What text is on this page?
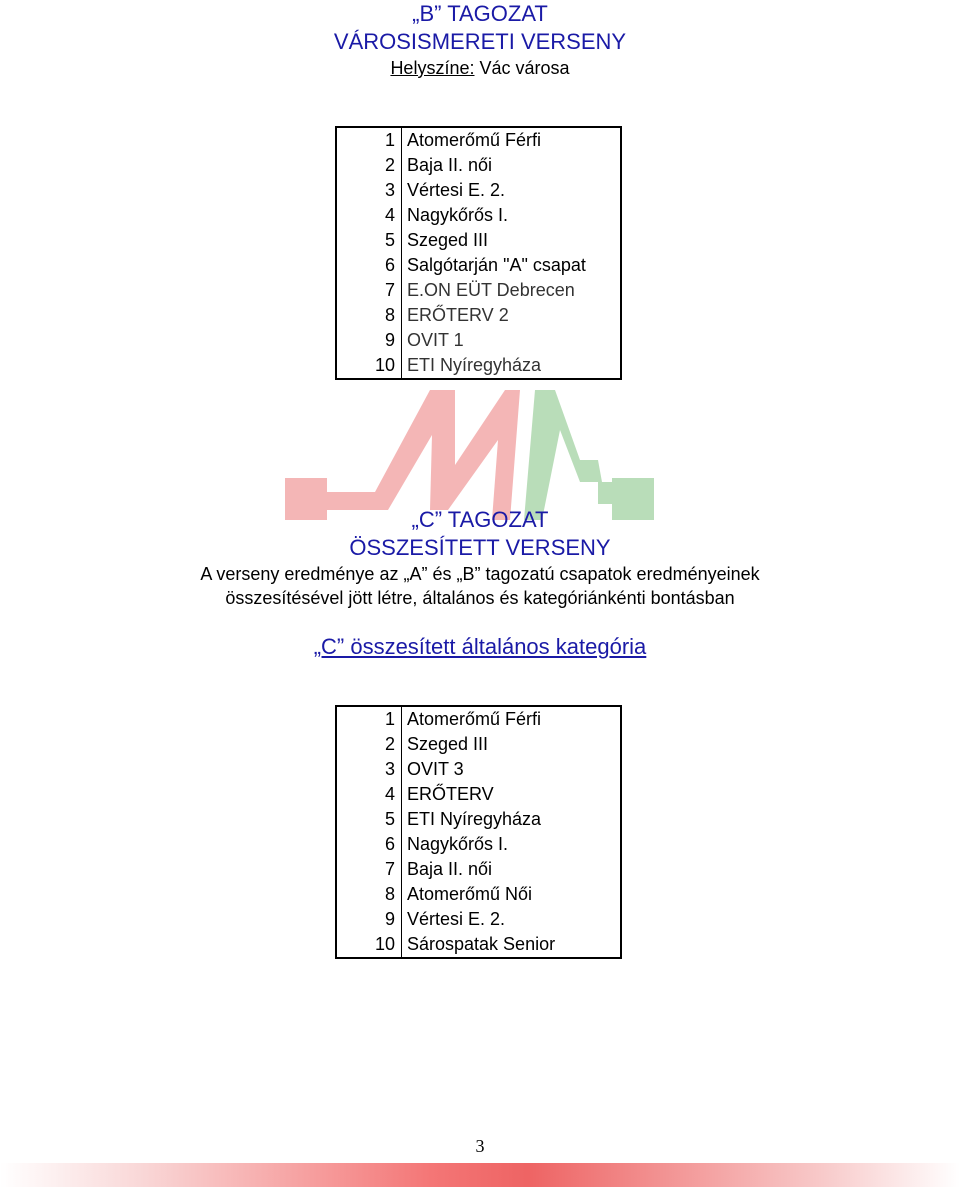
„B” TAGOZAT
VÁROSISMERETI VERSENY
Helyszíne: Vác városa
1	Atomerőmű Férfi
2	Baja II. női
3	Vértesi E. 2.
4	Nagykőrős I.
5	Szeged III
6	Salgótarján "A" csapat
7	E.ON EÜT Debrecen
8	ERŐTERV 2
9	OVIT 1
10	ETI Nyíregyháza
„C” TAGOZAT
ÖSSZESÍTETT VERSENY
A verseny eredménye az „A” és „B” tagozatú csapatok eredményeinek
összesítésével jött létre, általános és kategóriánkénti bontásban
„C” összesített általános kategória
1	Atomerőmű Férfi
2	Szeged III
3	OVIT 3
4	ERŐTERV
5	ETI Nyíregyháza
6	Nagykőrős I.
7	Baja II. női
8	Atomerőmű Női
9	Vértesi E. 2.
10	Sárospatak Senior
3
